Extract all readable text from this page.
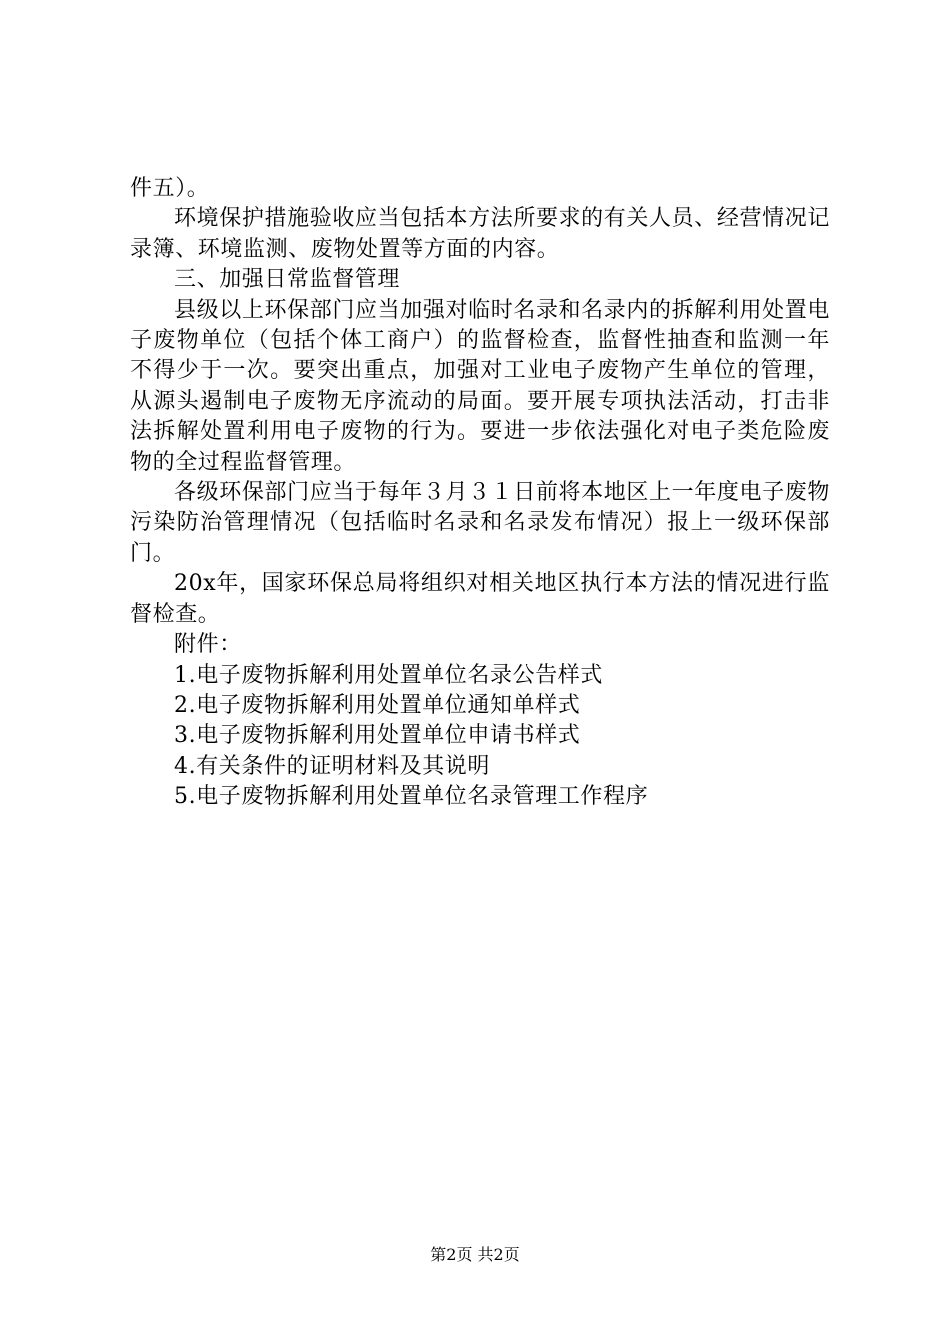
件五）。

环境保护措施验收应当包括本方法所要求的有关人员、经营情况记录簿、环境监测、废物处置等方面的内容。

三、加强日常监督管理

县级以上环保部门应当加强对临时名录和名录内的拆解利用处置电子废物单位（包括个体工商户）的监督检查，监督性抽查和监测一年不得少于一次。要突出重点，加强对工业电子废物产生单位的管理，从源头遏制电子废物无序流动的局面。要开展专项执法活动，打击非法拆解处置利用电子废物的行为。要进一步依法强化对电子类危险废物的全过程监督管理。

各级环保部门应当于每年３月３１日前将本地区上一年度电子废物污染防治管理情况（包括临时名录和名录发布情况）报上一级环保部门。

20x年，国家环保总局将组织对相关地区执行本方法的情况进行监督检查。

附件：

1.电子废物拆解利用处置单位名录公告样式

2.电子废物拆解利用处置单位通知单样式

3.电子废物拆解利用处置单位申请书样式

4.有关条件的证明材料及其说明

5.电子废物拆解利用处置单位名录管理工作程序

第2页 共2页
